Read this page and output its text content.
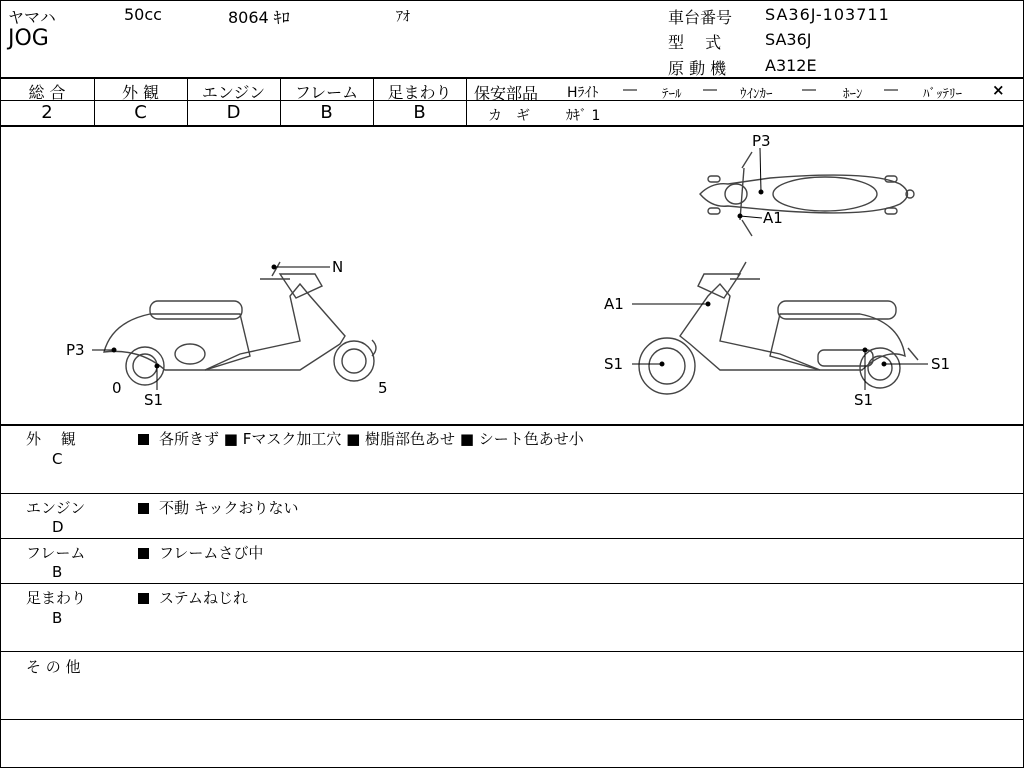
ヤマハ	50cc	8064 ｷﾛ	ｱｵ
JOG
車台番号 SA36J-103711
型　 式	SA36J
原 動 機 A312E
総 合	外 観	エンジン	フレーム	足まわり
2	C	D	B	B
保安部品 Hﾗｲﾄ ― ﾃｰﾙ ― ｳｲﾝｶｰ ― ﾎｰﾝ ― ﾊﾞｯﾃﾘｰ ×
カ　ギ	ｶｷﾞ 1
P3
A1
N
P3
0
S1
5
A1
S1	S1
S1
外　 観
C
各所きず ■ Fマスク加工穴 ■ 樹脂部色あせ ■ シート色あせ小
エンジン
D
不動 キックおりない
フレーム
B
フレームさび中
足まわり
B
ステムねじれ
そ の 他
